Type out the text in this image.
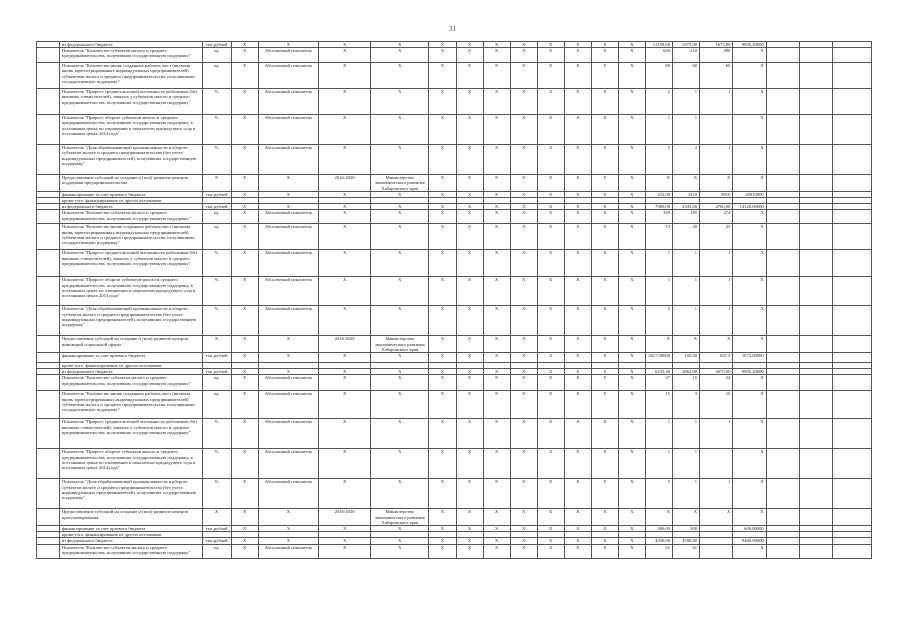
31
	из федерального бюджета	тыс.рублей	X	X	X	X	X	X	X	X	X	X	X	X	13158,60	1973,00	1673,00	9905,20000			
	Показатель "Количество субъектов малого и среднего предпринимательства, получивших государственную поддержку"	ед.	X	Абсолютный показатель	X	X	X	X	X	X	X	X	X	X	626	210	496	X			
	Показатель "Количество вновь созданных рабочих мест (включая вновь зарегистрированных индивидуальных предпринимателей) субъектами малого и среднего предпринимательства, получившими государственную поддержку"	ед.	X	Абсолютный показатель	X	X	X	X	X	X	X	X	X	X	80	60	60	X			
	Показатель "Прирост среднесписочной численности работников (без внешних совместителей), занятых у субъектов малого и среднего предпринимательства, получивших государственную поддержку"	%	X	Абсолютный показатель	X	X	X	X	X	X	X	X	X	X	2	1	1	X			
	Показатель "Прирост оборота субъектов малого и среднего предпринимательства, получивших государственную поддержку, в постоянных ценах по отношению к показателю предыдущего года в постоянных ценах 2014 года"	%	X	Абсолютный показатель	X	X	X	X	X	X	X	X	X	X	1	1		X			
	Показатель "Доля обрабатывающей промышленности в обороте субъектов малого и среднего предпринимательства (без учета индивидуальных предпринимателей), получивших государственную поддержку"	%	X	Абсолютный показатель	X	X	X	X	X	X	X	X	X	X	5	2	1	X			
	Предоставление субсидий на создание и (или) развитие центров поддержки предпринимательства	X	X	X	2016-2020	Министерство экономического развития Хабаровского края	X	X	X	X	X	X	X	X	X	X	X	X			
	финансирование за счет краевого бюджета	тыс.рублей	X	X	X	X	X	X	X	X	X	X	X	X	432,00	1410	8910	20010000			
	кроме того, финансирование из других источников																				
	из федерального бюджета	тыс.рублей	X	X	X	X	X	X	X	X	X	X	X	X	7080,00	2333,00	4700,00	14120,00000			
	Показатель "Количество субъектов малого и среднего предпринимательства, получивших государственную поддержку"	ед.	X	Абсолютный показатель	X	X	X	X	X	X	X	X	X	X	339	185	274	X			
	Показатель "Количество вновь созданных рабочих мест (включая вновь зарегистрированных индивидуальных предпринимателей) субъектами малого и среднего предпринимательства, получившими государственную поддержку"	ед.	X	Абсолютный показатель	X	X	X	X	X	X	X	X	X	X	74	20	25	X			
	Показатель "Прирост среднесписочной численности работников (без внешних совместителей), занятых у субъектов малого и среднего предпринимательства, получивших государственную поддержку"	%	X	Абсолютный показатель	X	X	X	X	X	X	X	X	X	X	1	1	1	X			
	Показатель "Прирост оборота субъектов малого и среднего предпринимательства, получивших государственную поддержку, в постоянных ценах по отношению к показателю предыдущего года в постоянных ценах 2014 года"	%	X	Абсолютный показатель	X	X	X	X	X	X	X	X	X	X	1	1	1	X			
	Показатель "Доля обрабатывающей промышленности в обороте субъектов малого и среднего предпринимательства (без учета индивидуальных предпринимателей), получивших государственную поддержку"	%	X	Абсолютный показатель	X	X	X	X	X	X	X	X	X	X	5	1	1	X			
	Предоставление субсидий на создание и (или) развитие центров инноваций социальной сферы	X	X	X	2016-2020	Министерство экономического развития Хабаровского края	X	X	X	X	X	X	X	X	X	X	X	X			
	финансирование за счет краевого бюджета	тыс.рублей	X	X	X	X	X	X	X	X	X	X	X	X	2617,00000	150,00	647,5	1073,00000			
	кроме того, финансирование из других источников																				
	из федерального бюджета	тыс.рублей	X	X	X	X	X	X	X	X	X	X	X	X	6235,40	2862,00	2670,00	9905,20000			
	Показатель "Количество субъектов малого и среднего предпринимательства, получивших государственную поддержку"	ед.	X	Абсолютный показатель	X	X	X	X	X	X	X	X	X	X	37	15	24	X			
	Показатель "Количество вновь созданных рабочих мест (включая вновь зарегистрированных индивидуальных предпринимателей) субъектами малого и среднего предпринимательства, получившими государственную поддержку"	ед.	X	Абсолютный показатель	X	X	X	X	X	X	X	X	X	X	15	3	10	X			
	Показатель "Прирост среднесписочной численности работников (без внешних совместителей), занятых у субъектов малого и среднего предпринимательства, получивших государственную поддержку"	%	X	Абсолютный показатель	X	X	X	X	X	X	X	X	X	X	1	1	1	X			
	Показатель "Прирост оборота субъектов малого и среднего предпринимательства, получивших государственную поддержку, в постоянных ценах по отношению к показателю предыдущего года в постоянных ценах 2014 года"	%	X	Абсолютный показатель	X	X	X	X	X	X	X	X	X	X	1	1		X			
	Показатель "Доля обрабатывающей промышленности в обороте субъектов малого и среднего предпринимательства (без учета индивидуальных предпринимателей), получивших государственную поддержку"	%	X	Абсолютный показатель	X	X	X	X	X	X	X	X	X	X	5	1	1	X			
	Предоставление субсидий на создание и (или) развитие центров прототипирования	X	X	X	2016-2020	Министерство экономического развития Хабаровского края	X	X	X	X	X	X	X	X	X	X	X	X			
	финансирование за счет краевого бюджета	тыс.рублей	X	X	X	X	X	X	X	X	X	X	X	X	300,00	300		600,00000			
	кроме того, финансирование из других источников																				
	из федерального бюджета	тыс.рублей	X	X	X	X	X	X	X	X	X	X	X	X	4590,00	4590,00		9400,00000			
	Показатель "Количество субъектов малого и среднего предпринимательства, получивших государственную поддержку"	ед.	X	Абсолютный показатель	X	X	X	X	X	X	X	X	X	X	61	61		X			
